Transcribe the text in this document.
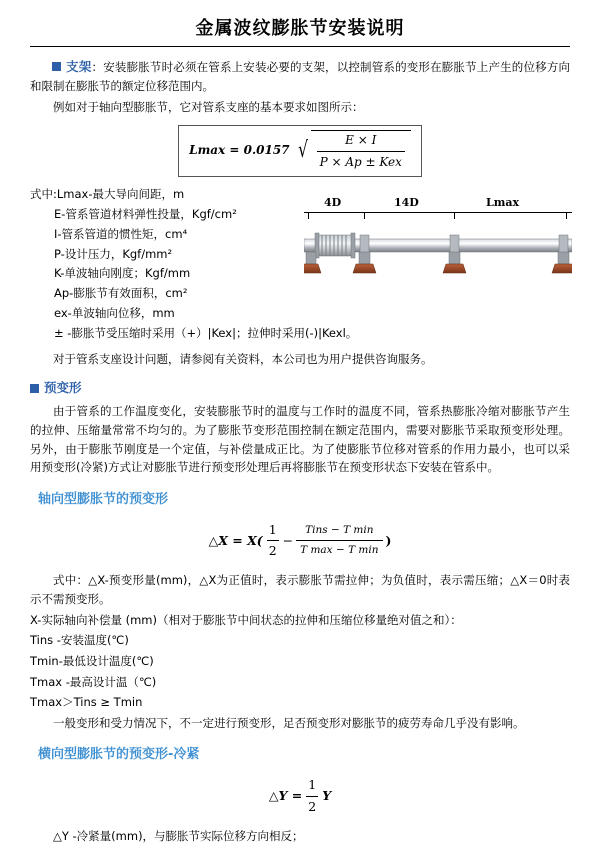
金属波纹膨胀节安装说明

支架：安装膨胀节时必须在管系上安装必要的支架，以控制管系的变形在膨胀节上产生的位移方向和限制在膨胀节的额定位移范围内。

例如对于轴向型膨胀节，它对管系支座的基本要求如图所示：

Lmax = 0.0157 √ $\frac{E \times I}{\text{P × Ap ± Kex}}$
式中:Lmax-最大导向间距，m
E-管系管道材料弹性投量，Kgf/cm²
I-管系管道的惯性矩，cm⁴
P-设计压力，Kgf/mm²
K-单波轴向刚度；Kgf/mm
Ap-膨胀节有效面积，cm²
ex-单波轴向位移，mm
± -膨胀节受压缩时采用（+）|Kex|；拉伸时采用(-)|Kexl。

对于管系支座设计问题，请参阅有关资料，本公司也为用户提供咨询服务。

预变形

由于管系的工作温度变化，安装膨胀节时的温度与工作时的温度不同，管系热膨胀冷缩对膨胀节产生的拉伸、压缩量常常不均匀的。为了膨胀节变形范围控制在额定范围内，需要对膨胀节采取预变形处理。另外，由于膨胀节刚度是一个定值，与补偿量成正比。为了使膨胀节位移对管系的作用力最小，也可以采用预变形(冷紧)方式让对膨胀节进行预变形处理后再将膨胀节在预变形状态下安装在管系中。

轴向型膨胀节的预变形
△X = $X( \frac{1}{2}$ −
Tins − T min
T max − T min
)
式中：△X-预变形量(mm)，△X为正值时，表示膨胀节需拉伸；为负值时，表示需压缩；△X＝0时表示不需预变形。
X-实际轴向补偿量 (mm)（相对于膨胀节中间状态的拉伸和压缩位移量绝对值之和）：
Tins -安装温度(℃)
Tmin-最低设计温度(℃)
Tmax -最高设计温（℃)
Tmax＞Tins ≥ Tmin
一般变形和受力情况下，不一定进行预变形，足否预变形对膨胀节的疲劳寿命几乎没有影响。
横向型膨胀节的预变形-冷紧
△Y = $\frac{1}{2}$ Y
△Y -冷紧量(mm)，与膨胀节实际位移方向相反；
4D	14D	Lmax
